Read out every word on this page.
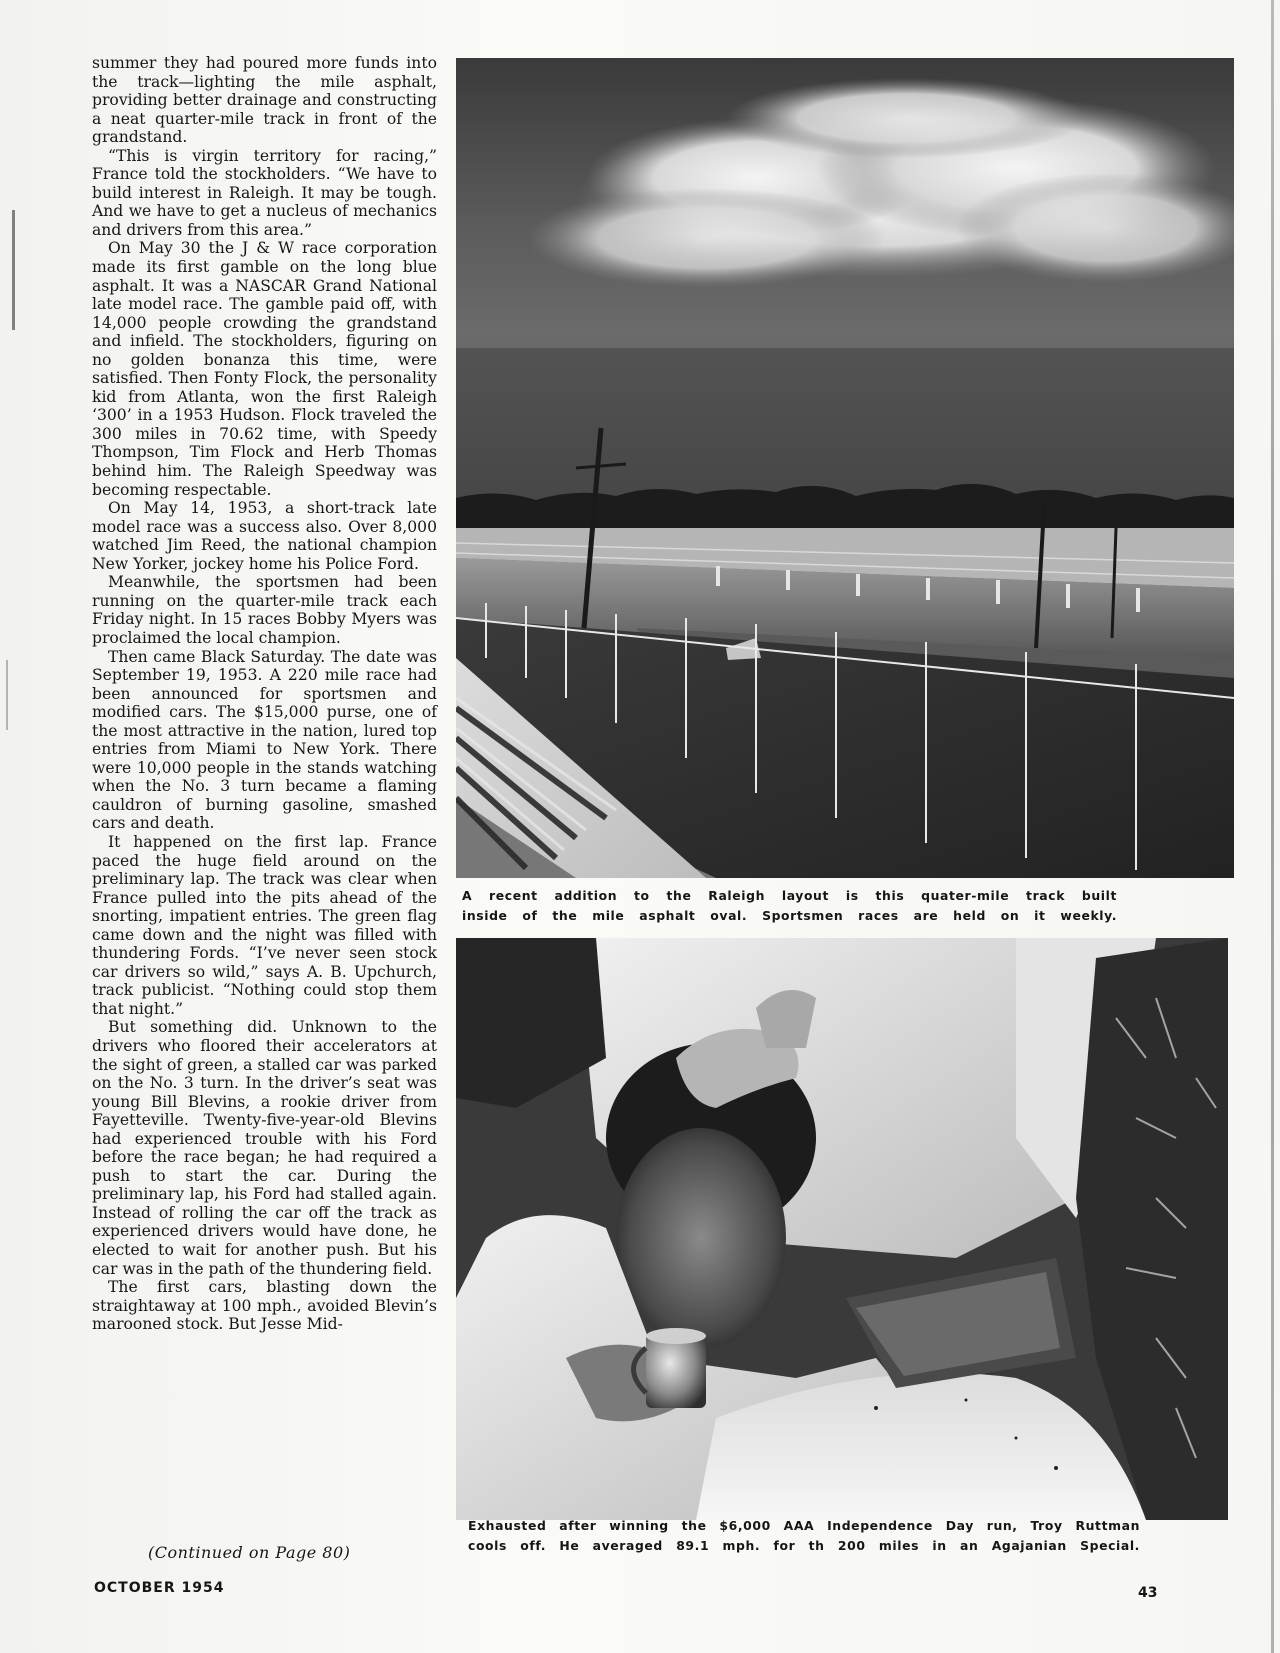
summer they had poured more funds into the track—lighting the mile asphalt, providing better drainage and constructing a neat quarter-mile track in front of the grandstand.

“This is virgin territory for racing,” France told the stockholders. “We have to build interest in Raleigh. It may be tough. And we have to get a nucleus of mechanics and drivers from this area.”

On May 30 the J & W race corporation made its first gamble on the long blue asphalt. It was a NASCAR Grand National late model race. The gamble paid off, with 14,000 people crowding the grandstand and infield. The stockholders, figuring on no golden bonanza this time, were satisfied. Then Fonty Flock, the personality kid from Atlanta, won the first Raleigh ‘300’ in a 1953 Hudson. Flock traveled the 300 miles in 70.62 time, with Speedy Thompson, Tim Flock and Herb Thomas behind him. The Raleigh Speedway was becoming respectable.

On May 14, 1953, a short-track late model race was a success also. Over 8,000 watched Jim Reed, the national champion New Yorker, jockey home his Police Ford.

Meanwhile, the sportsmen had been running on the quarter-mile track each Friday night. In 15 races Bobby Myers was proclaimed the local champion.

Then came Black Saturday. The date was September 19, 1953. A 220 mile race had been announced for sportsmen and modified cars. The $15,000 purse, one of the most attractive in the nation, lured top entries from Miami to New York. There were 10,000 people in the stands watching when the No. 3 turn became a flaming cauldron of burning gasoline, smashed cars and death.

It happened on the first lap. France paced the huge field around on the preliminary lap. The track was clear when France pulled into the pits ahead of the snorting, impatient entries. The green flag came down and the night was filled with thundering Fords. “I’ve never seen stock car drivers so wild,” says A. B. Upchurch, track publicist. “Nothing could stop them that night.”

But something did. Unknown to the drivers who floored their accelerators at the sight of green, a stalled car was parked on the No. 3 turn. In the driver’s seat was young Bill Blevins, a rookie driver from Fayetteville. Twenty-five-year-old Blevins had experienced trouble with his Ford before the race began; he had required a push to start the car. During the preliminary lap, his Ford had stalled again. Instead of rolling the car off the track as experienced drivers would have done, he elected to wait for another push. But his car was in the path of the thundering field.

The first cars, blasting down the straightaway at 100 mph., avoided Blevin’s marooned stock. But Jesse Mid-

(Continued on Page 80)
A recent addition to the Raleigh layout is this quater-mile track built
inside of the mile asphalt oval. Sportsmen races are held on it weekly.
Exhausted after winning the $6,000 AAA Independence Day run, Troy Ruttman
cools off. He averaged 89.1 mph. for th 200 miles in an Agajanian Special.
OCTOBER 1954	43
